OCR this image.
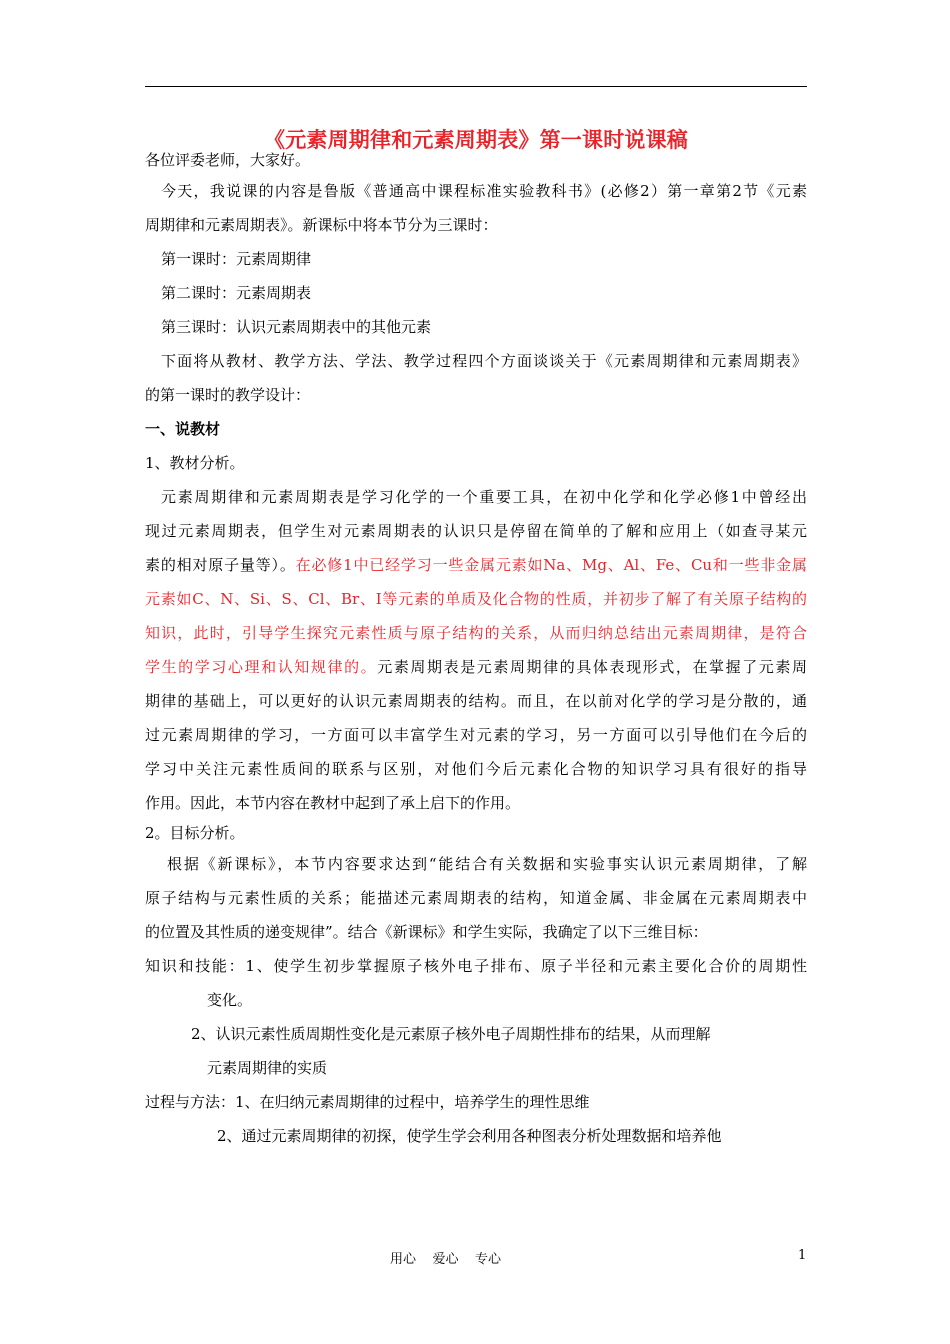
《元素周期律和元素周期表》第一课时说课稿
各位评委老师，大家好。
今天，我说课的内容是鲁版《普通高中课程标准实验教科书》(必修2）第一章第2节《元素
周期律和元素周期表》。新课标中将本节分为三课时：
第一课时：元素周期律
第二课时：元素周期表
第三课时：认识元素周期表中的其他元素
下面将从教材、教学方法、学法、教学过程四个方面谈谈关于《元素周期律和元素周期表》
的第一课时的教学设计：
一、说教材
1、教材分析。
元素周期律和元素周期表是学习化学的一个重要工具，在初中化学和化学必修1中曾经出
现过元素周期表，但学生对元素周期表的认识只是停留在简单的了解和应用上（如查寻某元
素的相对原子量等）。在必修1中已经学习一些金属元素如Na、Mg、Al、Fe、Cu和一些非金属
元素如C、N、Si、S、Cl、Br、I等元素的单质及化合物的性质，并初步了解了有关原子结构的
知识，此时，引导学生探究元素性质与原子结构的关系，从而归纳总结出元素周期律，是符合
学生的学习心理和认知规律的。元素周期表是元素周期律的具体表现形式，在掌握了元素周
期律的基础上，可以更好的认识元素周期表的结构。而且，在以前对化学的学习是分散的，通
过元素周期律的学习，一方面可以丰富学生对元素的学习，另一方面可以引导他们在今后的
学习中关注元素性质间的联系与区别，对他们今后元素化合物的知识学习具有很好的指导
作用。因此，本节内容在教材中起到了承上启下的作用。
2。目标分析。
根据《新课标》，本节内容要求达到“能结合有关数据和实验事实认识元素周期律，了解
原子结构与元素性质的关系；能描述元素周期表的结构，知道金属、非金属在元素周期表中
的位置及其性质的递变规律”。结合《新课标》和学生实际，我确定了以下三维目标：
知识和技能：1、使学生初步掌握原子核外电子排布、原子半径和元素主要化合价的周期性
变化。
2、认识元素性质周期性变化是元素原子核外电子周期性排布的结果，从而理解
元素周期律的实质
过程与方法：1、在归纳元素周期律的过程中，培养学生的理性思维
2、通过元素周期律的初探，使学生学会利用各种图表分析处理数据和培养他
用心    爱心    专心	1
